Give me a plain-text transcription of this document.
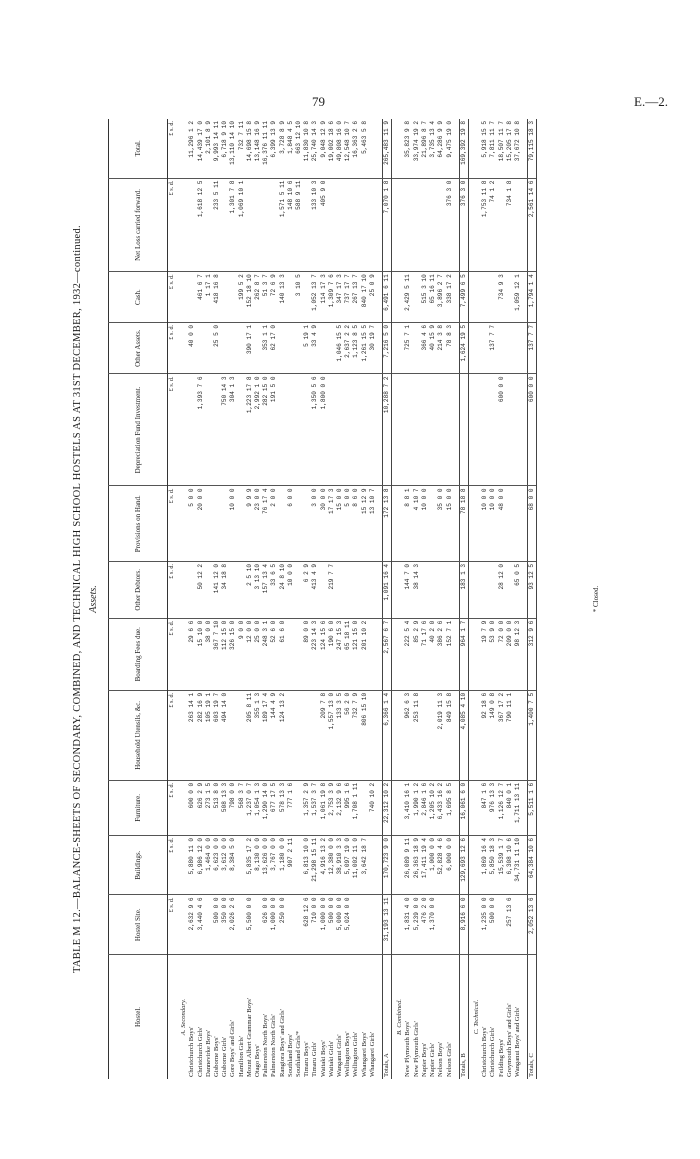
79	E.—2.
TABLE M 12.—BALANCE-SHEETS OF SECONDARY, COMBINED, AND TECHNICAL HIGH SCHOOL HOSTELS AS AT 31ST DECEMBER, 1932—continued. Assets.
Hostel.	Hostel Site.	Buildings.	Furniture.	Household Utensils, &c.	Boarding Fees due.	Other Debtors.	Provisions on Hand.	Depreciation Fund Investment.	Other Assets.	Cash.	Net Loss carried forward.	Total.
	£ s. d.	£ s. d.	£ s. d.	£ s. d.	£ s. d.	£ s. d.	£ s. d.	£ s. d.	£ s. d.	£ s. d.	£ s. d.	£ s. d.
A. Secondary.												
Christchurch Boys'	2,632 9 6	5,880 11 0	600 0 0	263 14 1	29 6 6		5 0 0		40 0 0			11,296 1 2
Christchurch Girls'	3,440 4 6	6,986 12 0	626 2 9	282 16 9	15 10 0	50 12 2	20 0 0	1,393 7 6		461 6 7	1,618 12 5	14,439 17 0
Dannevirke Boys'		1,464 0 0	273 1 5	105 19 1	38 0 0					1 17 1		2,101 8 9
Gisborne Boys'	500 0 0	6,623 0 0	513 8 0	603 19 7	367 7 10	141 12 0			25 5 0	418 16 8	233 5 11	9,993 14 11
Gisborne Girls'	350 0 0	3,612 0 0	508 13 3	494 14 0	112 15 0	34 18 8		750 14 3				6,718 9 10
Gore Boys' and Girls'	2,026 2 6	8,384 5 0	798 0 0		326 15 0		10 0 0	304 1 3			1,301 7 8	13,110 14 10
Hamilton Girls'			568 3 7		9 0 0					199 5 2	1,069 10 1	732 7 11
Mount Albert Grammar Boys'	5,500 0 0	5,835 17 2	1,237 0 7	205 8 11	12 0 0	2 5 10	9 9 9	1,223 17 8	390 17 1	152 18 10		14,698 15 8
Otago Boys'		8,130 0 0	1,054 1 3	355 1 3	25 0 0	3 13 10	23 0 0	2,992 1 0		262 8 7		13,148 16 9
Palmerston North Boys'	626 0 0	13,626 0 0	1,290 14 0	189 17 4	248 3 1	157 13 4	76 17 4	282 15 0	353 1 1	51 3 7		16,376 11 11
Palmerston North Girls'	1,000 0 0	3,767 0 0	677 17 5	144 4 9	52 6 0	33 6 5	2 0 0	191 5 0	62 17 0	72 6 9		6,399 13 9
Rangiora Boys' and Girls'	250 0 0	1,180 0 0	578 13 3	124 13 2	61 6 0	24 8 10				140 13 3	1,571 5 11	3,728 8 9
Southland Boys'		907 2 11	777 1 6			10 0 0	6 0 0				148 10 6	1,848 4 5
Southland Girls'*										3 10 5	588 9 11	663 12 10
Timaru Boys'	628 12 6	6,813 10 0	1,357 2 9		89 0 0	6 2 9			5 19 1			11,830 10 8
Timaru Girls'	710 0 0	21,298 15 11	1,537 3 7		223 14 3	413 4 9	3 0 0	1,350 5 6	33 4 9	1,052 13 7	133 10 3	25,740 14 3
Waitaki Boys'	1,000 0 0	4,916 13 2	1,061 19 8	209 7 8	124 15 6		30 0 0	1,800 0 0		114 17 3	405 9 0	9,048 12 9
Waitaki Girls'	500 0 0	12,380 0 0	2,753 3 9	1,557 13 0	190 6 0	219 7 7	17 17 3			1,309 7 6		19,002 18 6
Wanganui Girls'	5,000 0 0	38,910 3 3	2,132 9 6	133 3 5	247 15 3		15 0 0		1,046 15 5	347 17 3		49,808 16 0
Wellington Boys'	5,024 0 0	5,097 19 0	995 1 6	56 2 0	65 18 11		5 0 0		2,637 2 2	737 17 7		12,548 10 7
Wellington Girls'		11,002 11 0	1,708 1 11	732 7 9	121 15 0		8 6 0		1,123 8 5	267 13 7		16,363 2 6
Whangarei Boys'		3,642 18 7		806 15 10	201 10 2		15 12 9		1,261 15 5	840 17 10		5,463 5 8
Whangarei Girls'			740 10 2				13 10 7		30 19 7	25 0 9		

Totals, A	31,193 13 11	170,723 9 0	22,312 10 2	6,366 1 4	2,567 6 7	1,091 16 4	172 13 8	10,288 7 2	7,216 5 0	6,491 6 11	7,070 1 8	265,483 11 9
B. Combined.												
New Plymouth Boys'	1,831 4 0	26,089 9 11	3,410 16 1	962 6 3	222 5 4	144 7 0	8 8 1		725 7 1	2,429 5 11		35,823 9 8
New Plymouth Girls'	5,239 0 0	26,363 18 9	1,990 1 2	253 11 8	85 2 9	38 14 3	4 10 7					33,974 19 2
Napier Boys'	476 2 0	17,411 19 4	2,846 1 6		71 17 6		10 0 0		366 4 6	515 3 10		21,896 8 7
Napier Girls'	1,370 0 0	1,000 0 0	1,205 10 2		40 2 0				40 15 9	65 16 11		3,735 13 4
Nelson Boys'		52,828 4 6	6,433 16 2	2,019 11 3	386 2 6		35 0 0		214 3 8	3,896 2 7		64,286 9 9
Nelson Girls'		6,000 0 0	1,695 8 5	849 15 8	152 7 1		15 0 0		78 8 3	338 17 2	376 3 0	9,475 19 0

Totals, B	8,916 6 0	129,693 12 6	16,061 6 0	4,085 4 10	964 1 7	183 1 3	78 18 8		1,624 19 5	7,499 6 5	376 3 0	169,392 19 8
C. Technical.												
Christchurch Boys'	1,235 0 0	1,869 16 4	847 1 6	92 18 6	19 7 9		10 0 0				1,753 11 8	5,918 15 5
Christchurch Girls'	500 0 0	5,850 18 3	976 13 3	149 0 8	53 9 0		10 0 0		137 7 7		74 1 2	7,811 11 7
Feilding Boys'		15,539 1 7	1,126 12 7	367 17 2	72 0 0	28 12 0	48 0 0	600 0 0		734 9 3		18,507 11 7
Greymouth Boys' and Girls'	257 13 6	6,308 10 6	840 0 1	790 11 1	209 0 0						734 1 8	15,205 17 8
Wanganui Boys' and Girls'		34,731 11 10	1,711 13 11		98 12 3	65 0 5				1,059 12 1		37,672 10 8

Totals, C	2,052 13 6	64,384 10 6	5,511 1 6	1,400 7 5	312 9 6	93 12 5	68 0 0	600 0 0	137 7 7	1,794 1 4	2,561 14 6	79,115 18 3
* Closed.
